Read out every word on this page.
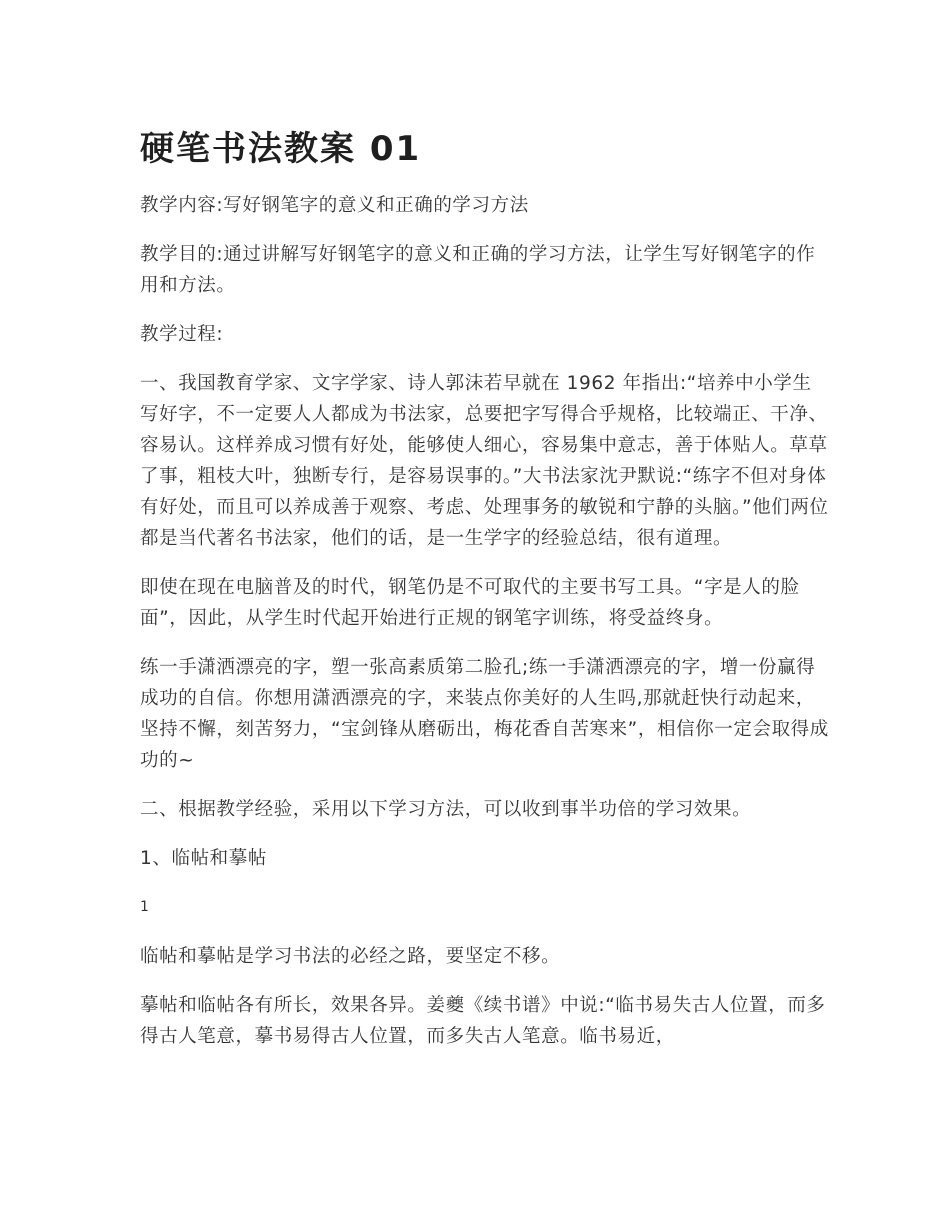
硬笔书法教案 01

教学内容:写好钢笔字的意义和正确的学习方法

教学目的:通过讲解写好钢笔字的意义和正确的学习方法，让学生写好钢笔字的作用和方法。

教学过程:

一、我国教育学家、文字学家、诗人郭沫若早就在 1962 年指出:“培养中小学生写好字，不一定要人人都成为书法家，总要把字写得合乎规格，比较端正、干净、容易认。这样养成习惯有好处，能够使人细心，容易集中意志，善于体贴人。草草了事，粗枝大叶，独断专行，是容易误事的。”大书法家沈尹默说:“练字不但对身体有好处，而且可以养成善于观察、考虑、处理事务的敏锐和宁静的头脑。”他们两位都是当代著名书法家，他们的话，是一生学字的经验总结，很有道理。

即使在现在电脑普及的时代，钢笔仍是不可取代的主要书写工具。“字是人的脸面”，因此，从学生时代起开始进行正规的钢笔字训练，将受益终身。

练一手潇洒漂亮的字，塑一张高素质第二脸孔;练一手潇洒漂亮的字，增一份赢得成功的自信。你想用潇洒漂亮的字，来装点你美好的人生吗,那就赶快行动起来，坚持不懈，刻苦努力，“宝剑锋从磨砺出，梅花香自苦寒来”，相信你一定会取得成功的~

二、根据教学经验，采用以下学习方法，可以收到事半功倍的学习效果。

1、临帖和摹帖

1

临帖和摹帖是学习书法的必经之路，要坚定不移。

摹帖和临帖各有所长，效果各异。姜夔《续书谱》中说:“临书易失古人位置，而多得古人笔意，摹书易得古人位置，而多失古人笔意。临书易近，
